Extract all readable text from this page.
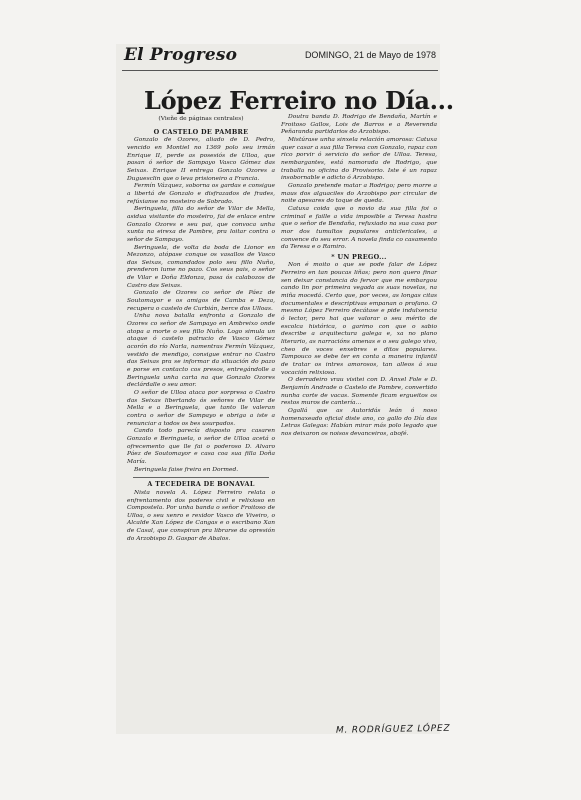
El Progreso	DOMINGO, 21 de Mayo de 1978
López Ferreiro no Día...

(Vieñe de páginas centrales)

O CASTELO DE PAMBRE

Gonzalo de Ozores, aliado de D. Pedro, vencido en Montiel no 1369 polo seu irmán Enrique II, perde as posesiós de Ulloa, que pasan ó señor de Sampayo Vasco Gómez das Seixas. Enrique II entrega Gonzalo Ozores a Duguesclin que o leva prisioneiro a Francia.

Fermín Vázquez, soborna os gardas e consigue a libertá de Gonzalo e disfrazados de frades, refúxianse no mosteiro de Sobrado.

Beringuela, filla do señor de Vilar de Mella, asidua visitante do mosteiro, fai de enlace entre Gonzalo Ozores e seu pai, que convoca unha xunta na eirexa de Pambre, pra loitar contra o señor de Sampayo.

Beringuela, de volta da boda de Lionor en Mezonzo, atópase conque os vasallos de Vasco das Seixas, comandados polo seu fillo Nuño, prenderon lume no pazo. Cos seus pais, o señor de Vilar e Doña Eldonza, pasa ós calabozos de Castro das Seixas.

Gonzalo de Ozores co señor de Páez de Soutomayor e os amigos de Camba e Deza, recupera o castelo de Curbián, berce dos Ulloas.

Unha nova batalla enfronta a Gonzalo de Ozores co señor de Sampayo en Ambreixo onde atopa a morte o seu fillo Nuño. Logo simula un ataque ó castelo patrucio de Vasco Gómez acorón do río Narla, namentras Fermín Vázquez, vestido de mendigo, consigue entrar no Castro das Seixas pra se informar da situación do pazo e porse en contacto cos presos, entregándolle a Beringuela unha carta na que Gonzalo Ozores declárdalle o seu amor.

O señor de Ulloa ataca por sorpresa o Castro das Seixas libertando ós señores de Vilar de Mella e a Beringuela, que tanto lle valeran contra o señor de Sampayo e obriga a iste a renunciar a todos os bes usurpados.

Cando todo parecía disposto pra casaren Gonzalo e Beringuela, o señor de Ulloa acetá o ofrecemento que lle fai o poderoso D. Alvaro Páez de Soutomayor e casa coa sua filla Doña María.

Beringuela faise freira en Dormed.

A TECEDEIRA DE BONAVAL

Nista novela A. López Ferreiro relata o enfrentamento dos poderes civil e relixioso en Compostela. Por unha banda o señor Froitoso de Ulloa, o seu xenro e rexidor Vasco de Viveiro, o Alcalde Xan López de Cangas e o escribano Xan de Casal, que conspiran pra librarse da opresión do Arzobispo D. Gaspar de Abalos.

Doutra banda D. Rodrigo de Bendaña, Martín e Froitoso Gallos, Lois de Barros e a Reverenda Peñaranda partidarios do Arzobispo.

Mistúrase unha sinxela relación amorosa: Catuxa quer casar a sua filla Teresa con Gonzalo, rapaz con rico porvir ó servicio do señor de Ulloa. Teresa, nembargantes, está namorada de Rodrigo, que traballa no oficina do Provisorio. Iste é un rapaz insobornable e adicto ó Arzobispo.

Gonzalo pretende matar a Rodrigo; pero morre a maus dos alguaciles do Arzobispo por circular de noite apesares do toque de queda.

Catuxa coida que o novio da sua filla foi o criminal e faille a vida imposible a Teresa hastra que o señor de Bendaña, refuxiado na sua casa por mor dos tumultos populares anticlericales, a convence do seu error. A novela finda co casamento da Teresa e o Ramiro.

* UN PREGO...

Non é moito o que se pode falar de López Ferreiro en tan poucas liñas; pero non quero finar sen deixar constancia do fervor que me embargou cando lin por primeira vegada as suas novelas, na miña mocedá. Certo que, por veces, as longas citas documentales e descriptivas empanan o profano. O mesmo López Ferreiro decátase e pide indulxencia ó lector, pero hai que valorar o seu mérito de escolca histórica, o garimo con que o sabio describe a arquitectura galega e, xa no plano literario, as narracións amenas e o seu galego vivo, cheo de voces enxebres e ditos populares. Tampouco se debe ter en conta a maneira infantil de tratar os intres amorosos, tan alleos á sua vocación relixiosa.

O derradeiro vrau visitei con D. Anxel Fole e D. Benjamín Andrade o Castelo de Pambre, convertido nunha corte de vacas. Somente ficam ergueitos os restos muros de cantería...

Ogallá que as Autoridás leán ó noso homenaxeado oficial diste ano, co gallo do Día das Letras Galegas: Habían mirar más polo legado que nos deixaron os noisos devanceiros, abofé.

M. RODRÍGUEZ LÓPEZ
